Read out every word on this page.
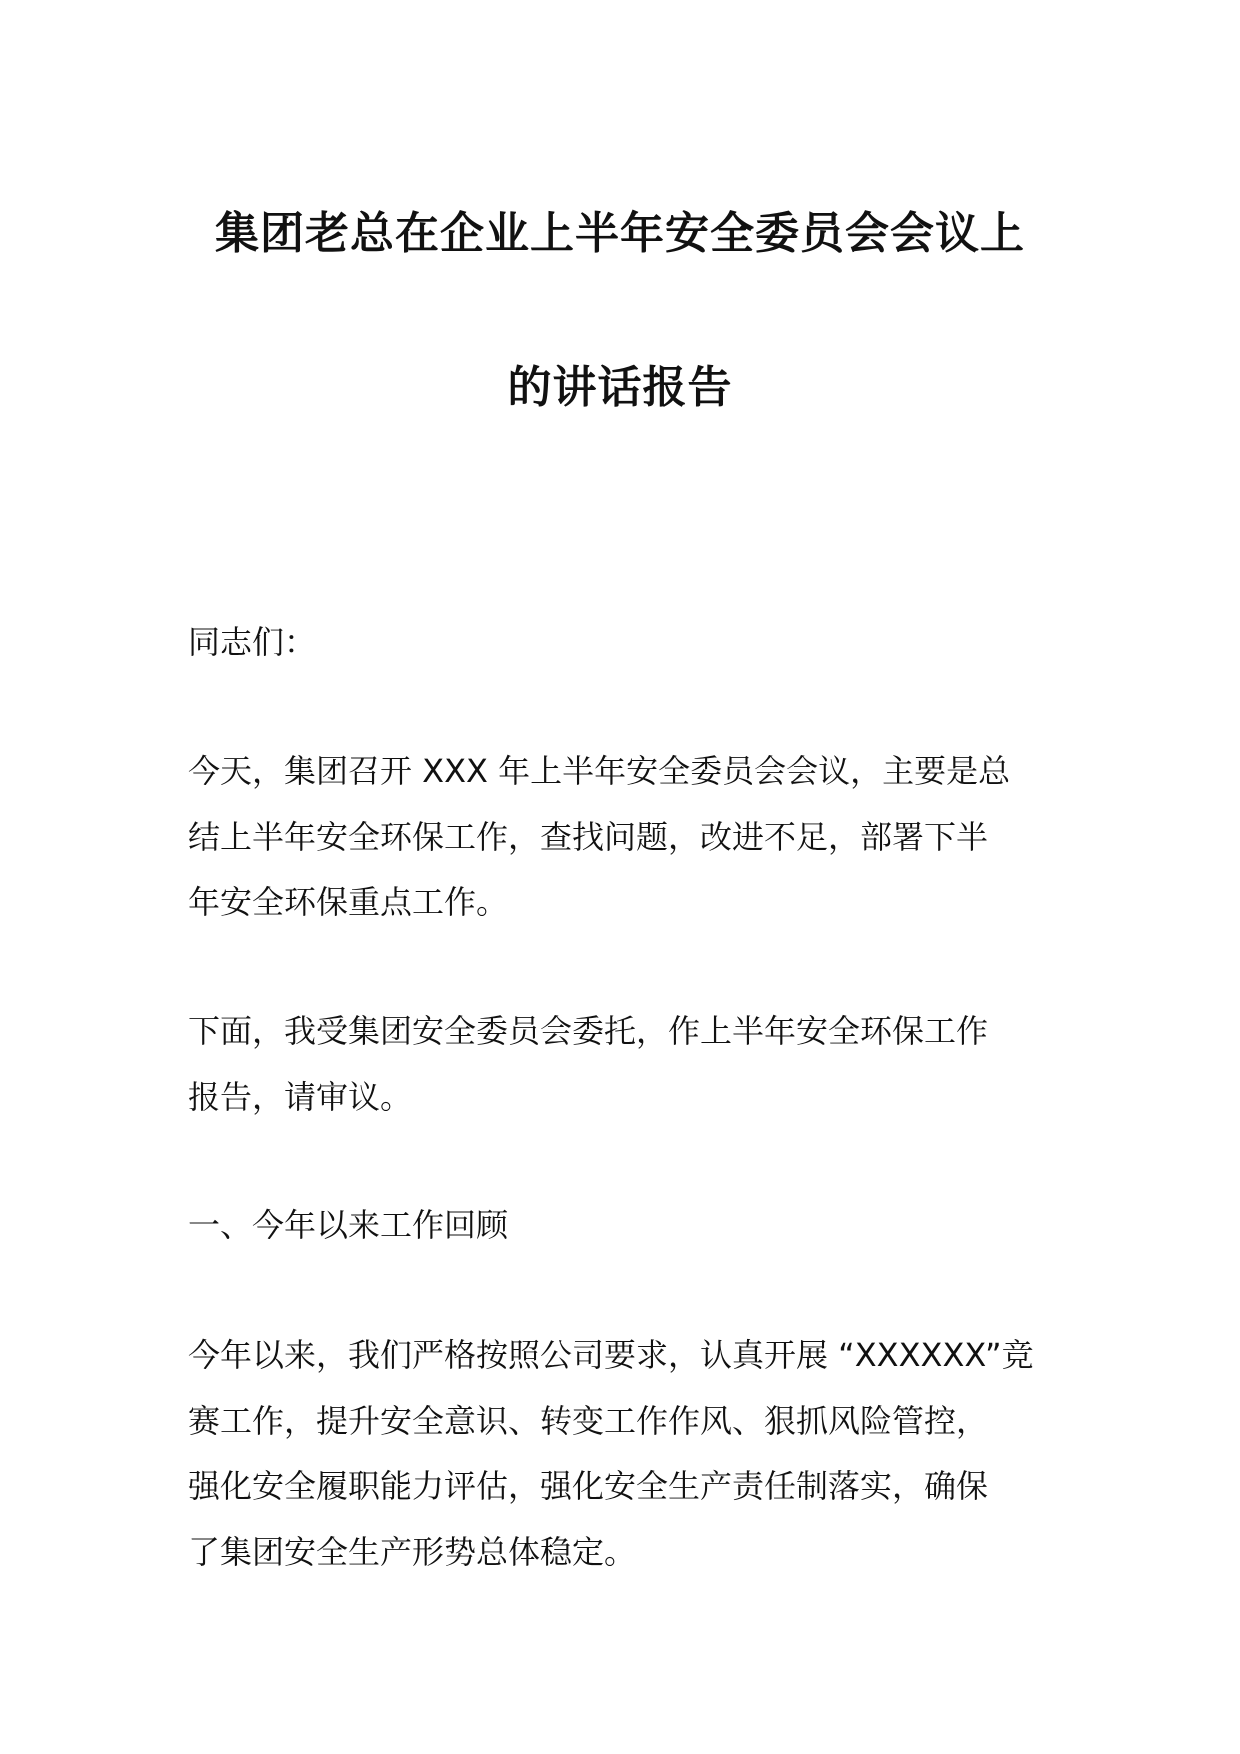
集团老总在企业上半年安全委员会会议上
的讲话报告

同志们：

今天，集团召开 XXX 年上半年安全委员会会议，主要是总
结上半年安全环保工作，查找问题，改进不足，部署下半
年安全环保重点工作。

下面，我受集团安全委员会委托，作上半年安全环保工作
报告，请审议。

一、今年以来工作回顾

今年以来，我们严格按照公司要求，认真开展 “XXXXXX”竞
赛工作，提升安全意识、转变工作作风、狠抓风险管控，
强化安全履职能力评估，强化安全生产责任制落实，确保
了集团安全生产形势总体稳定。
